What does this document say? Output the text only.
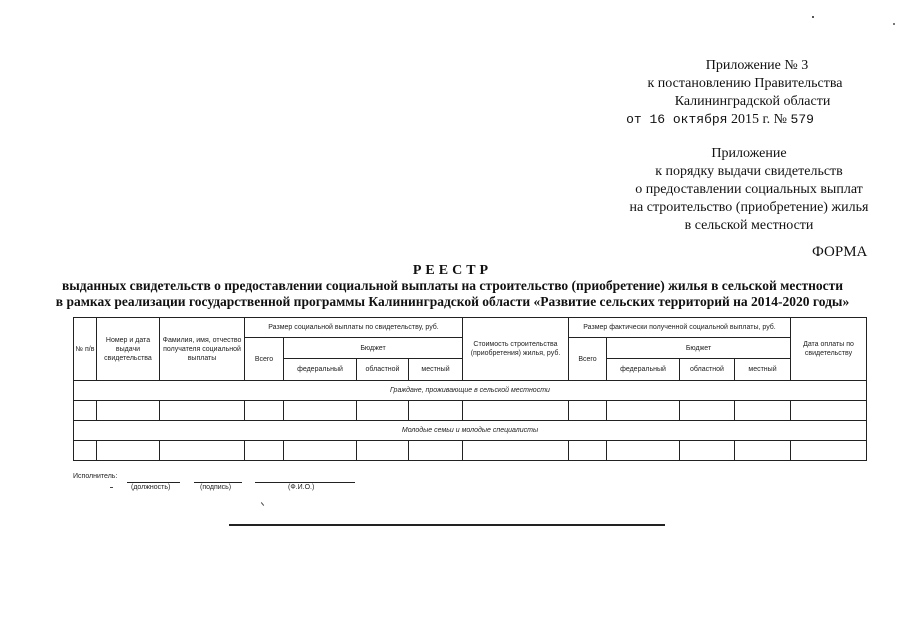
Приложение № 3
к постановлению Правительства
Калининградской области
от 16 октября 2015 г. № 579
Приложение
к порядку выдачи свидетельств
о предоставлении социальных выплат
на строительство (приобретение) жилья
в сельской местности
ФОРМА
РЕЕСТР
выданных свидетельств о предоставлении социальной выплаты на строительство (приобретение) жилья в сельской местности
в рамках реализации государственной программы Калининградской области «Развитие сельских территорий на 2014-2020 годы»
№ п/в	Номер и дата выдачи свидетельства	Фамилия, имя, отчество получателя социальной выплаты	Размер социальной выплаты по свидетельству, руб.				Стоимость строительства (приобретения) жилья, руб.	Размер фактически полученной социальной выплаты, руб.				Дата оплаты по свидетельству
			Всего	Бюджет				Всего	Бюджет			
				федеральный	областной	местный			федеральный	областной	местный	
Граждане, проживающие в сельской местности												

Молодые семьи и молодые специалисты												

Исполнитель:
(должность)	(подпись)	(Ф.И.О.)
